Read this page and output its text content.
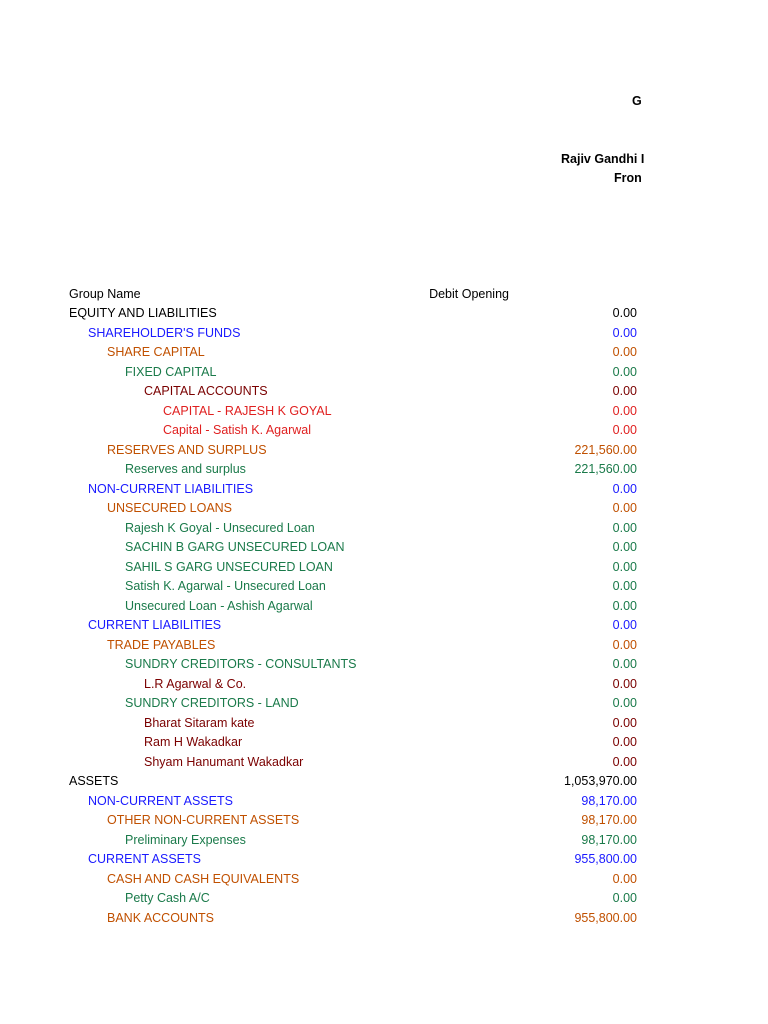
G
Rajiv Gandhi I
Fron
Group Name	Debit Opening
EQUITY AND LIABILITIES	0.00
SHAREHOLDER'S FUNDS	0.00
SHARE CAPITAL	0.00
FIXED CAPITAL	0.00
CAPITAL ACCOUNTS	0.00
CAPITAL - RAJESH K GOYAL	0.00
Capital - Satish K. Agarwal	0.00
RESERVES AND SURPLUS	221,560.00
Reserves and surplus	221,560.00
NON-CURRENT LIABILITIES	0.00
UNSECURED LOANS	0.00
Rajesh K Goyal - Unsecured Loan	0.00
SACHIN B GARG UNSECURED LOAN	0.00
SAHIL S GARG UNSECURED LOAN	0.00
Satish K. Agarwal - Unsecured Loan	0.00
Unsecured Loan - Ashish Agarwal	0.00
CURRENT LIABILITIES	0.00
TRADE PAYABLES	0.00
SUNDRY CREDITORS - CONSULTANTS	0.00
L.R Agarwal & Co.	0.00
SUNDRY CREDITORS - LAND	0.00
Bharat Sitaram kate	0.00
Ram H Wakadkar	0.00
Shyam Hanumant Wakadkar	0.00
ASSETS	1,053,970.00
NON-CURRENT ASSETS	98,170.00
OTHER NON-CURRENT ASSETS	98,170.00
Preliminary Expenses	98,170.00
CURRENT ASSETS	955,800.00
CASH AND CASH EQUIVALENTS	0.00
Petty Cash A/C	0.00
BANK ACCOUNTS	955,800.00
